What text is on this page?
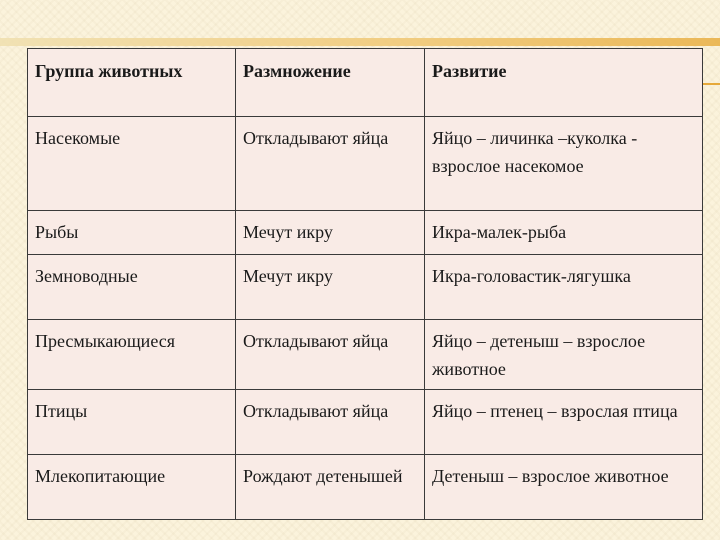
Группа животных	Размножение	Развитие
Насекомые	Откладывают яйца	Яйцо – личинка –куколка - взрослое насекомое
Рыбы	Мечут икру	Икра-малек-рыба
Земноводные	Мечут икру	Икра-головастик-лягушка
Пресмыкающиеся	Откладывают яйца	Яйцо – детеныш – взрослое животное
Птицы	Откладывают яйца	Яйцо – птенец – взрослая птица
Млекопитающие	Рождают детенышей	Детеныш – взрослое животное
